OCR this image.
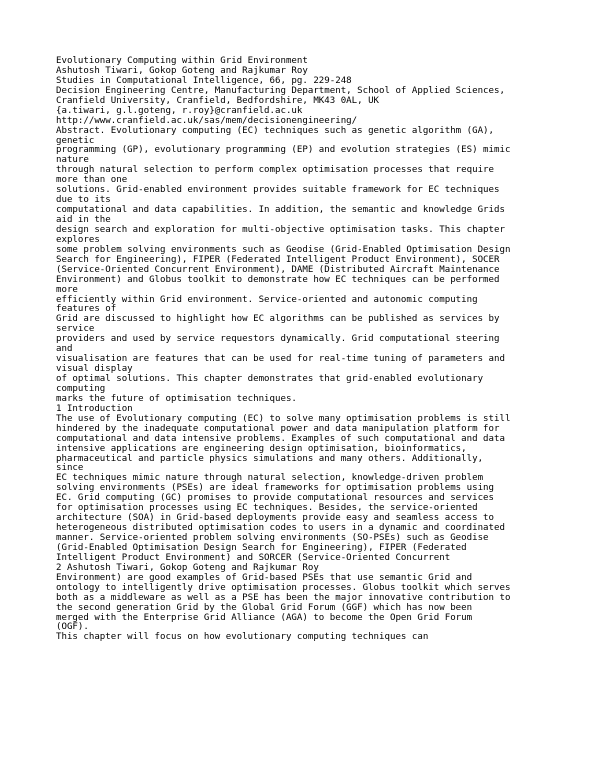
Evolutionary Computing within Grid Environment
Ashutosh Tiwari, Gokop Goteng and Rajkumar Roy
Studies in Computational Intelligence, 66, pg. 229-248
Decision Engineering Centre, Manufacturing Department, School of Applied Sciences,
Cranfield University, Cranfield, Bedfordshire, MK43 0AL, UK
{a.tiwari, g.l.goteng, r.roy}@cranfield.ac.uk
http://www.cranfield.ac.uk/sas/mem/decisionengineering/
Abstract. Evolutionary computing (EC) techniques such as genetic algorithm (GA),
genetic
programming (GP), evolutionary programming (EP) and evolution strategies (ES) mimic
nature
through natural selection to perform complex optimisation processes that require
more than one
solutions. Grid-enabled environment provides suitable framework for EC techniques
due to its
computational and data capabilities. In addition, the semantic and knowledge Grids
aid in the
design search and exploration for multi-objective optimisation tasks. This chapter
explores
some problem solving environments such as Geodise (Grid-Enabled Optimisation Design
Search for Engineering), FIPER (Federated Intelligent Product Environment), SOCER
(Service-Oriented Concurrent Environment), DAME (Distributed Aircraft Maintenance
Environment) and Globus toolkit to demonstrate how EC techniques can be performed
more
efficiently within Grid environment. Service-oriented and autonomic computing
features of
Grid are discussed to highlight how EC algorithms can be published as services by
service
providers and used by service requestors dynamically. Grid computational steering
and
visualisation are features that can be used for real-time tuning of parameters and
visual display
of optimal solutions. This chapter demonstrates that grid-enabled evolutionary
computing
marks the future of optimisation techniques.
1 Introduction
The use of Evolutionary computing (EC) to solve many optimisation problems is still
hindered by the inadequate computational power and data manipulation platform for
computational and data intensive problems. Examples of such computational and data
intensive applications are engineering design optimisation, bioinformatics,
pharmaceutical and particle physics simulations and many others. Additionally,
since
EC techniques mimic nature through natural selection, knowledge-driven problem
solving environments (PSEs) are ideal frameworks for optimisation problems using
EC. Grid computing (GC) promises to provide computational resources and services
for optimisation processes using EC techniques. Besides, the service-oriented
architecture (SOA) in Grid-based deployments provide easy and seamless access to
heterogeneous distributed optimisation codes to users in a dynamic and coordinated
manner. Service-oriented problem solving environments (SO-PSEs) such as Geodise
(Grid-Enabled Optimisation Design Search for Engineering), FIPER (Federated
Intelligent Product Environment) and SORCER (Service-Oriented Concurrent
2 Ashutosh Tiwari, Gokop Goteng and Rajkumar Roy
Environment) are good examples of Grid-based PSEs that use semantic Grid and
ontology to intelligently drive optimisation processes. Globus toolkit which serves
both as a middleware as well as a PSE has been the major innovative contribution to
the second generation Grid by the Global Grid Forum (GGF) which has now been
merged with the Enterprise Grid Alliance (AGA) to become the Open Grid Forum
(OGF).
This chapter will focus on how evolutionary computing techniques can
